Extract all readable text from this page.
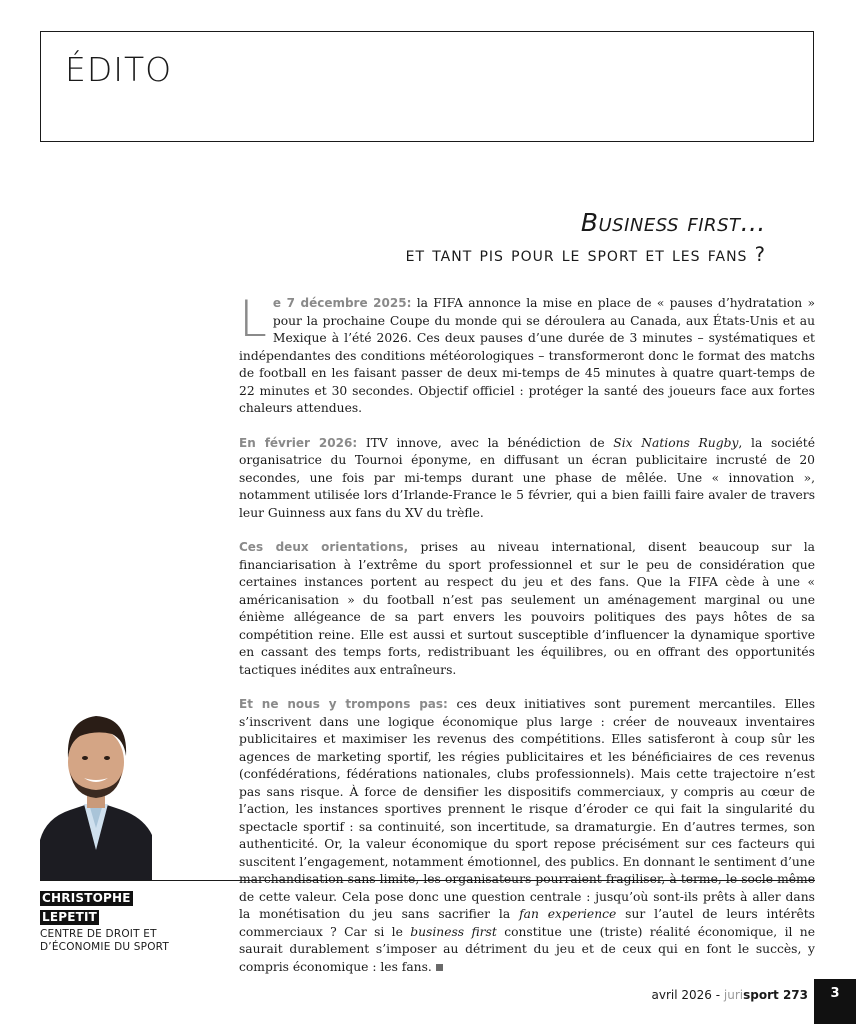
ÉDITO
Business first…
et tant pis pour le sport et les fans ?

Le 7 décembre 2025: la FIFA annonce la mise en place de « pauses d’hydratation » pour la prochaine Coupe du monde qui se déroulera au Canada, aux États-Unis et au Mexique à l’été 2026. Ces deux pauses d’une durée de 3 minutes – systématiques et indépendantes des conditions météorologiques – transformeront donc le format des matchs de football en les faisant passer de deux mi-temps de 45 minutes à quatre quart-temps de 22 minutes et 30 secondes. Objectif officiel : protéger la santé des joueurs face aux fortes chaleurs attendues.

En février 2026: ITV innove, avec la bénédiction de Six Nations Rugby, la société organisatrice du Tournoi éponyme, en diffusant un écran publicitaire incrusté de 20 secondes, une fois par mi-temps durant une phase de mêlée. Une « innovation », notamment utilisée lors d’Irlande-France le 5 février, qui a bien failli faire avaler de travers leur Guinness aux fans du XV du trèfle.

Ces deux orientations, prises au niveau international, disent beaucoup sur la financiarisation à l’extrême du sport professionnel et sur le peu de considération que certaines instances portent au respect du jeu et des fans. Que la FIFA cède à une « américanisation » du football n’est pas seulement un aménagement marginal ou une énième allégeance de sa part envers les pouvoirs politiques des pays hôtes de sa compétition reine. Elle est aussi et surtout susceptible d’influencer la dynamique sportive en cassant des temps forts, redistribuant les équilibres, ou en offrant des opportunités tactiques inédites aux entraîneurs.

Et ne nous y trompons pas: ces deux initiatives sont purement mercantiles. Elles s’inscrivent dans une logique économique plus large : créer de nouveaux inventaires publicitaires et maximiser les revenus des compétitions. Elles satisferont à coup sûr les agences de marketing sportif, les régies publicitaires et les bénéficiaires de ces revenus (confédérations, fédérations nationales, clubs professionnels). Mais cette trajectoire n’est pas sans risque. À force de densifier les dispositifs commerciaux, y compris au cœur de l’action, les instances sportives prennent le risque d’éroder ce qui fait la singularité du spectacle sportif : sa continuité, son incertitude, sa dramaturgie. En d’autres termes, son authenticité. Or, la valeur économique du sport repose précisément sur ces facteurs qui suscitent l’engagement, notamment émotionnel, des publics. En donnant le sentiment d’une marchandisation sans limite, les organisateurs pourraient fragiliser, à terme, le socle même de cette valeur. Cela pose donc une question centrale : jusqu’où sont-ils prêts à aller dans la monétisation du jeu sans sacrifier la fan experience sur l’autel de leurs intérêts commerciaux ? Car si le business first constitue une (triste) réalité économique, il ne saurait durablement s’imposer au détriment du jeu et de ceux qui en font le succès, y compris économique : les fans.

CHRISTOPHE
LEPETIT
CENTRE DE DROIT ET
D’ÉCONOMIE DU SPORT
avril 2026 - jurisport 273	3
